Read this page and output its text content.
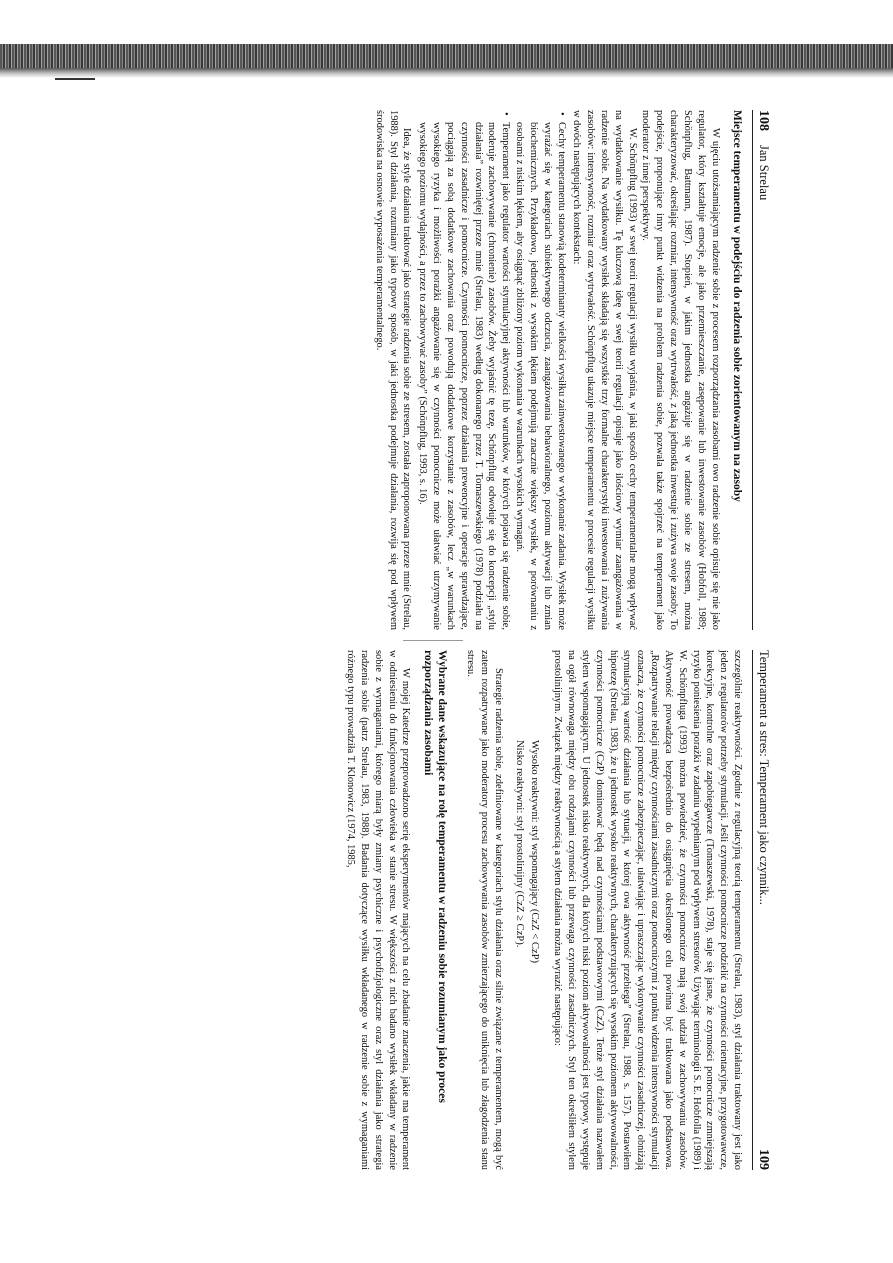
108
Jan Strelau
Miejsce temperamentu w podejściu do radzenia sobie zorientowanym na zasoby

W ujęciu utożsamiającym radzenie sobie z procesem rozporządzania zasobami owo radzenie sobie opisuje się nie jako regulator, który kształtuje emocje, ale jako przemieszczanie, zasępowanie lub inwestowanie zasobów (Hobfoll, 1989; Schönpflug, Battmann, 1987). Stopień, w jakim jednostka angażuje się w radzenie sobie ze stresem, można charakteryzować, określając rozmiar, intensywność oraz wytrwałość, z jaką jednostka inwestuje i zużywa swoje zasoby. To podejście, proponujące inny punkt widzenia na problem radzenia sobie, pozwala także spojrzeć na temperament jako moderator z innej perspektywy.

W. Schönpflug (1993) w swej teorii regulacji wysiłku wyjaśnia, w jaki sposób cechy temperamentalne mogą wpływać na wydatkowanie wysiłku. Tę kluczową ideę w swej teorii regulacji opisuje jako ilościowy wymiar zaangażowania w radzenie sobie. Na wydatkowany wysiłek składają się wszystkie trzy formalne charakterystyki inwestowania i zużywania zasobów: intensywność, rozmiar oraz wytrwałość. Schönpflug ukazuje miejsce temperamentu w procesie regulacji wysiłku w dwóch następujących kontekstach:

• Cechy temperamentu stanowią kodeterminanty wielkości wysiłku zainwestowanego w wykonanie zadania. Wysiłek może wyrażać się w kategoriach subiektywnego odczucia, zaangażowania behawioralnego, poziomu aktywacji lub zmian biochemicznych. Przykładowo, jednostki z wysokim lękiem podejmują znacznie większy wysiłek, w porównaniu z osobami z niskim lękiem, aby osiągnąć zbliżony poziom wykonania w warunkach wysokich wymagań.
• Temperament jako regulator wartości stymulacyjnej aktywności lub warunków, w których pojawia się radzenie sobie, moderuje zachowywanie (chronienie) zasobów. Żeby wyjaśnić tę tezę, Schönpflug odwołuje się do koncepcji „stylu działania” rozwiniętej przeze mnie (Strelau, 1983) według dokonanego przez T. Tomaszewskiego (1978) podziału na czynności zasadnicze i pomocnicze. Czynności pomocnicze, poprzez działania prewencyjne i operacje sprawdzające, pociągają za sobą dodatkowe zachowania oraz powodują dodatkowe korzystanie z zasobów, lecz „w warunkach wysokiego ryzyka i możliwości porażki angażowanie się w czynności pomocnicze może ułatwiać utrzymywanie wysokiego poziomu wydajności, a przez to zachowywać zasoby” (Schönpflug, 1993, s. 16).

Idea, że style działania traktować jako strategie radzenia sobie ze stresem, została zaproponowana przeze mnie (Strelau, 1988). Styl działania, rozumiany jako typowy sposób, w jaki jednostka podejmuje działania, rozwija się pod wpływem środowiska na osnowie wyposażenia temperamentalnego.

Temperament a stres: Temperament jako czynnik...
109

szczególnie reaktywności. Zgodnie z regulacyjną teorią temperamentu (Strelau, 1983), styl działania traktowany jest jako jeden z regulatorów potrzeby stymulacji. Jeśli czynności pomocnicze podzielić na czynności orientacyjne, przygotowawcze, korekcyjne, kontrolne oraz zapobiegawcze (Tomaszewski, 1978), staje się jasne, że czynności pomocnicze zmniejszają ryzyko poniesienia porażki w zadaniu wypełnianym pod wpływem stresorów. Używając terminologii S. E. Hobfolla (1989) i W. Schönpfluga (1993) można powiedzieć, że czynności pomocnicze mają swój udział w zachowywaniu zasobów. Aktywność prowadząca bezpośrednio do osiągnięcia określonego celu powinna być traktowana jako podstawowa. „Rozpatrywanie relacji między czynnościami zasadniczymi oraz pomocniczymi z punktu widzenia intensywności stymulacji oznacza, że czynności pomocnicze zabezpieczając, ułatwiając i upraszczając wykonywanie czynności zasadniczej, obniżają stymulacyjną wartość działania lub sytuacji, w której owa aktywność przebiega” (Strelau, 1988, s. 157). Postawiłem hipotezę (Strelau, 1983), że u jednostek wysoko reaktywnych, charakteryzujących się wysokim poziomem aktywowalności, czynności pomocnicze (CzP) dominować będą nad czynnościami podstawowymi (CzZ). Tenże styl działania nazwałem stylem wspomagającym. U jednostek nisko reaktywnych, dla których niski poziom aktywowalności jest typowy, występuje na ogół równowaga między obu rodzajami czynności lub przewaga czynności zasadniczych. Styl ten określiłem stylem prostolinijnym. Związek między reaktywnością a stylem działania można wyrazić następująco:

Wysoko reaktywni: styl wspomagający (CzZ < CzP)
Nisko reaktywni: styl prostolinijny (CzZ ≥ CzP).

Strategie radzenia sobie, zdefiniowane w kategoriach stylu działania oraz silnie związane z temperamentem, mogą być zatem rozpatrywane jako moderatory procesu zachowywania zasobów zmierzającego do uniknięcia lub złagodzenia stanu stresu.

Wybrane dane wskazujące na rolę temperamentu w radzeniu sobie rozumianym jako proces rozporządzania zasobami

W mojej Katedrze przeprowadzono serię eksperymentów mających na celu zbadanie znaczenia, jakie ma temperament w odniesieniu do funkcjonowania człowieka w stanie stresu. W większości z nich badano wysiłek wkładany w radzenie sobie z wymaganiami, którego miarą były zmiany psychiczne i psychofizjologiczne oraz styl działania jako strategia radzenia sobie (patrz Strelau, 1983, 1988). Badania dotyczące wysiłku wkładanego w radzenie sobie z wymaganiami różnego typu prowadziła T. Klonowicz (1974, 1985,
